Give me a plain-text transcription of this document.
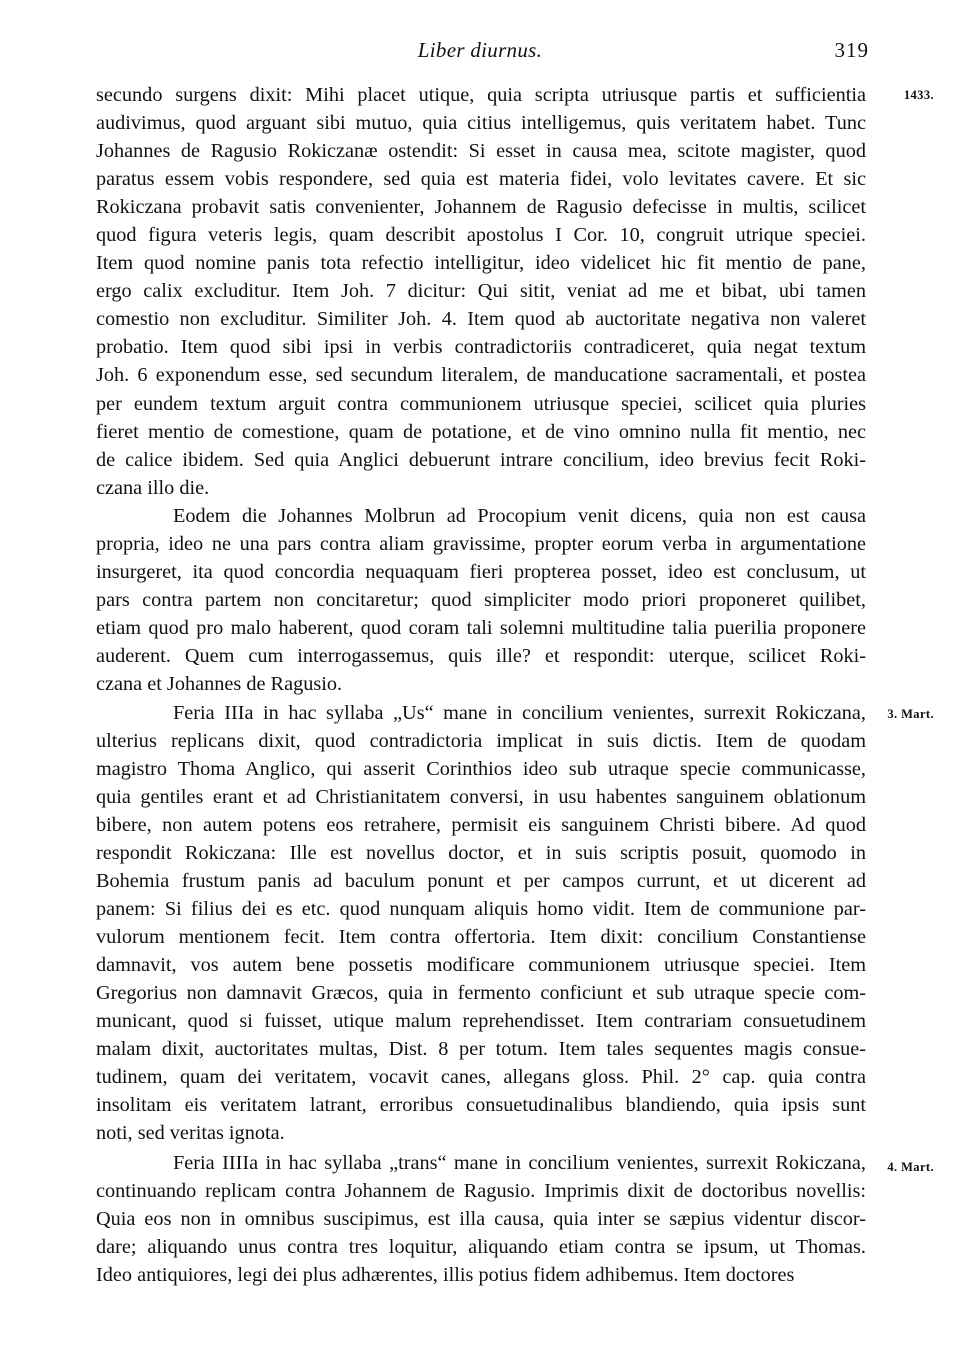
Liber diurnus.	319
1433.
3. Mart.
4. Mart.
secundo surgens dixit: Mihi placet utique, quia scripta utriusque partis et sufficientia
audivimus, quod arguant sibi mutuo, quia citius intelligemus, quis veritatem habet. Tunc
Johannes de Ragusio Rokiczanæ ostendit: Si esset in causa mea, scitote magister, quod
paratus essem vobis respondere, sed quia est materia fidei, volo levitates cavere. Et sic
Rokiczana probavit satis convenienter, Johannem de Ragusio defecisse in multis, scilicet
quod figura veteris legis, quam describit apostolus I Cor. 10, congruit utrique speciei.
Item quod nomine panis tota refectio intelligitur, ideo videlicet hic fit mentio de pane,
ergo calix excluditur. Item Joh. 7 dicitur: Qui sitit, veniat ad me et bibat, ubi tamen
comestio non excluditur. Similiter Joh. 4. Item quod ab auctoritate negativa non valeret
probatio. Item quod sibi ipsi in verbis contradictoriis contradiceret, quia negat textum
Joh. 6 exponendum esse, sed secundum literalem, de manducatione sacramentali, et postea
per eundem textum arguit contra communionem utriusque speciei, scilicet quia pluries
fieret mentio de comestione, quam de potatione, et de vino omnino nulla fit mentio, nec
de calice ibidem. Sed quia Anglici debuerunt intrare concilium, ideo brevius fecit Roki-
czana illo die.
Eodem die Johannes Molbrun ad Procopium venit dicens, quia non est causa
propria, ideo ne una pars contra aliam gravissime, propter eorum verba in argumentatione
insurgeret, ita quod concordia nequaquam fieri propterea posset, ideo est conclusum, ut
pars contra partem non concitaretur; quod simpliciter modo priori proponeret quilibet,
etiam quod pro malo haberent, quod coram tali solemni multitudine talia puerilia proponere
auderent. Quem cum interrogassemus, quis ille? et respondit: uterque, scilicet Roki-
czana et Johannes de Ragusio.
Feria IIIa in hac syllaba „Us“ mane in concilium venientes, surrexit Rokiczana,
ulterius replicans dixit, quod contradictoria implicat in suis dictis. Item de quodam
magistro Thoma Anglico, qui asserit Corinthios ideo sub utraque specie communicasse,
quia gentiles erant et ad Christianitatem conversi, in usu habentes sanguinem oblationum
bibere, non autem potens eos retrahere, permisit eis sanguinem Christi bibere. Ad quod
respondit Rokiczana: Ille est novellus doctor, et in suis scriptis posuit, quomodo in
Bohemia frustum panis ad baculum ponunt et per campos currunt, et ut dicerent ad
panem: Si filius dei es etc. quod nunquam aliquis homo vidit. Item de communione par-
vulorum mentionem fecit. Item contra offertoria. Item dixit: concilium Constantiense
damnavit, vos autem bene possetis modificare communionem utriusque speciei. Item
Gregorius non damnavit Græcos, quia in fermento conficiunt et sub utraque specie com-
municant, quod si fuisset, utique malum reprehendisset. Item contrariam consuetudinem
malam dixit, auctoritates multas, Dist. 8 per totum. Item tales sequentes magis consue-
tudinem, quam dei veritatem, vocavit canes, allegans gloss. Phil. 2° cap. quia contra
insolitam eis veritatem latrant, erroribus consuetudinalibus blandiendo, quia ipsis sunt
noti, sed veritas ignota.
Feria IIIIa in hac syllaba „trans“ mane in concilium venientes, surrexit Rokiczana,
continuando replicam contra Johannem de Ragusio. Imprimis dixit de doctoribus novellis:
Quia eos non in omnibus suscipimus, est illa causa, quia inter se sæpius videntur discor-
dare; aliquando unus contra tres loquitur, aliquando etiam contra se ipsum, ut Thomas.
Ideo antiquiores, legi dei plus adhærentes, illis potius fidem adhibemus. Item doctores
